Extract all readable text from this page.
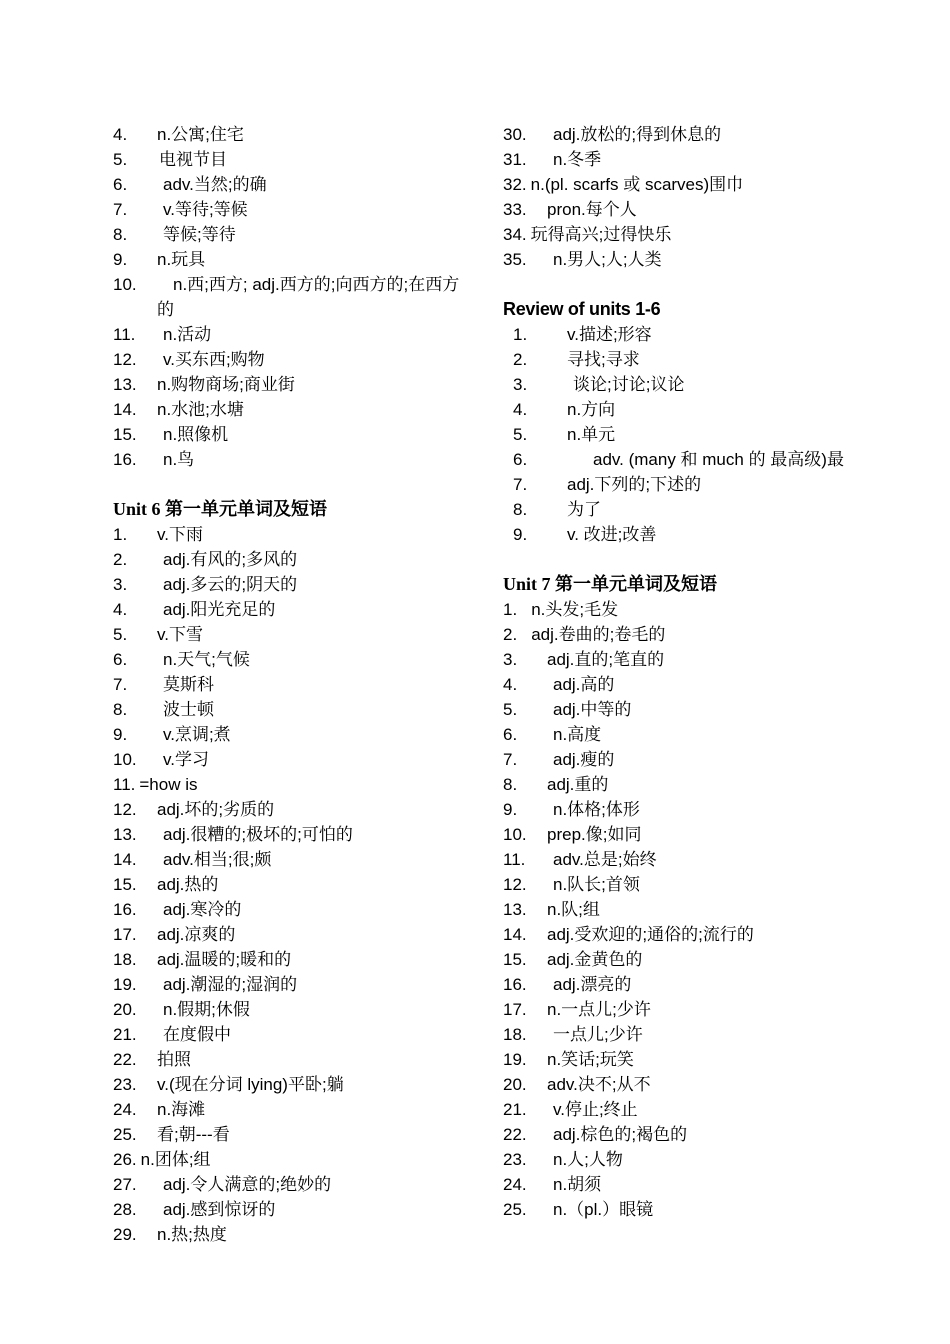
4.	n.公寓;住宅
5.	电视节目
6.	adv.当然;的确
7.	v.等待;等候
8.	等候;等待
9.	n.玩具
10.	n.西;西方; adj.西方的;向西方的;在西方的
11.	n.活动
12.	v.买东西;购物
13.	n.购物商场;商业街
14.	n.水池;水塘
15.	n.照像机
16.	n.鸟
Unit 6 第一单元单词及短语
1.	v.下雨
2.	adj.有风的;多风的
3.	adj.多云的;阴天的
4.	adj.阳光充足的
5.	v.下雪
6.	n.天气;气候
7.	莫斯科
8.	波士顿
9.	v.烹调;煮
10.	v.学习
11. =how is
12.	adj.坏的;劣质的
13.	adj.很糟的;极坏的;可怕的
14.	adv.相当;很;颇
15.	adj.热的
16.	adj.寒冷的
17.	adj.凉爽的
18.	adj.温暖的;暖和的
19.	adj.潮湿的;湿润的
20.	n.假期;休假
21.	在度假中
22.	拍照
23.	v.(现在分词 lying)平卧;躺
24.	n.海滩
25.	看;朝---看
26. n.团体;组
27.	adj.令人满意的;绝妙的
28.	adj.感到惊讶的
29.	n.热;热度
30.	adj.放松的;得到休息的
31.	n.冬季
32. n.(pl. scarfs 或 scarves)围巾
33.	pron.每个人
34. 玩得高兴;过得快乐
35.	n.男人;人;人类
Review of units 1-6
1.	v.描述;形容
2.	寻找;寻求
3.	谈论;讨论;议论
4.	n.方向
5.	n.单元
6.	adv. (many 和 much 的 最高级)最
7.	adj.下列的;下述的
8.	为了
9.	v. 改进;改善
Unit 7 第一单元单词及短语
1. n.头发;毛发
2. adj.卷曲的;卷毛的
3.	adj.直的;笔直的
4.	adj.高的
5.	adj.中等的
6.	n.高度
7.	adj.瘦的
8.	adj.重的
9.	n.体格;体形
10.	prep.像;如同
11.	adv.总是;始终
12.	n.队长;首领
13.	n.队;组
14.	adj.受欢迎的;通俗的;流行的
15.	adj.金黄色的
16.	adj.漂亮的
17.	n.一点儿;少许
18.	一点儿;少许
19.	n.笑话;玩笑
20.	adv.决不;从不
21.	v.停止;终止
22.	adj.棕色的;褐色的
23.	n.人;人物
24.	n.胡须
25.	n.（pl.）眼镜
